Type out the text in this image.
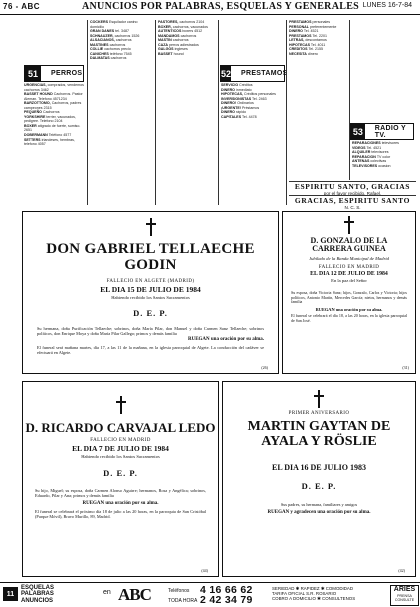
76 - ABC	ANUNCIOS POR PALABRAS, ESQUELAS Y GENERALES LUNES 16-7-84
51	PERROS	52	PRESTAMOS
53	RADIO Y TV.

URGENCIAS, comprados, vendemos cachorros 3462

BASSET HOUND Cachorros. Pastor Aleman. Telefono 4571234

BARZOTTOMO, Cachorros, padres campeones 2315

PEQUEÑO Cachorros

YORKSHIRE terrier, vacunados, pedigree. Telefono 2104

BOXER atigrado de fuerte, sumiso. 2651

DOBERMANN Teléfono 4577

SETTERS irlandeses, hembras, telefono 4057

COCKERS Esquilador canino domicilio

GRAN DANES tel. 3487

SCHNAUZER, cachorros 1526

ALSACIANOS, cachorros

MASTINES cachorros

COLLIE cachorros precio

CANICHES teléfono 7545

DALMATAS cachorros

PASTORES, cachorros 2104

BOXER, cachorros, vacunados

AUTENTICOS boxers 4512

MANDAMOS cachorros

MASTIN cachorros

CAZA perros adiestrados

GALGOS ingleses

BASSET hound

SERVICIO Créditos

DINERO inmediato

HIPOTECAS, Créditos personales

INVERSIONISTAS Tel. 2463

DINERO! Ordinarios

¡URGENTE! Préstamos

DINERO rápido

CAPITALES Tel. 4478

PRESTAMOS personales

PERSONAL preferentemente

DINERO Tel. 4521

PRESTAMOS Tel. 2201

LETRAS, descontamos

HIPOTECAS Tel. 4011

CREDITOS Tel. 2155

NECESITA dinero

REPARACIONES televisores

VIDEOS Tel. 4521

ALQUILER televisores

REPARACION TV color

ANTENAS colectivas

TELEVISORES ocasion

ESPIRITU SANTO, GRACIAS
por el favor recibido. Rafael.
GRACIAS, ESPIRITU SANTO
N. C. S.
DON GABRIEL TELLAECHE GODIN
FALLECIO EN ALGETE (MADRID)
EL DIA 15 DE JULIO DE 1984
Habiendo recibido los Santos Sacramentos
D. E. P.
Su hermana, doña Purificación Tellaeche; sobrinos, doña María Pilar, don Manuel y doña Carmen Sanz Tellaeche; sobrinos políticos, don Enrique Moya y doña María Pilar Gallego; primos y demás familia
RUEGAN una oración por su alma.
El funeral será mañana martes, día 17, a las 11 de la mañana, en la iglesia parroquial de Algete. La conducción del cadáver se efectuará en Algete.
(26)
D. GONZALO DE LA CARRERA GUINEA
Jubilado de la Banda Municipal de Madrid
FALLECIO EN MADRID
EL DIA 12 DE JULIO DE 1984
En la paz del Señor
Su esposa, doña Victoria Sanz; hijos, Gonzalo, Carlos y Victoria; hijos políticos, Antonio Martín, Mercedes García; nietos, hermanos y demás familia
RUEGAN una oración por su alma.
El funeral se celebrará el día 18, a las 20 horas, en la iglesia parroquial de San José.
(31)
D. RICARDO CARVAJAL LEDO
FALLECIO EN MADRID
EL DIA 7 DE JULIO DE 1984
Habiendo recibido los Santos Sacramentos
D. E. P.
Su hijo, Miguel; su esposa, doña Carmen Alonso Aguirre; hermanos, Rosa y Angélica; sobrinos, Eduardo, Pilar y Ana; primos y demás familia
RUEGAN una oración por su alma.
El funeral se celebrará el próximo día 18 de julio a las 20 horas, en la parroquia de San Cristóbal (Parque Móvil), Bravo Murillo, 89, Madrid.
(44)
PRIMER ANIVERSARIO
MARTIN GAYTAN DE AYALA Y RÖSLIE
EL DIA 16 DE JULIO 1983
D. E. P.
Sus padres, su hermana, familiares y amigos
RUEGAN y agradecen una oración por su alma.
(42)
11
ESQUELAS
PALABRAS
ANUNCIOS
en ABC	Teléfonos 4 16 66 62
TODA HORA 2 42 34 79
SERIEDAD ✱ RAPIDEZ ✱ COMODIDAD
TARIFA OFICIAL S.R. ROSARIO
COBRO A DOMICILIO ✱ CONSULTENOS
ARIES
PRENSA
CONSULTE
